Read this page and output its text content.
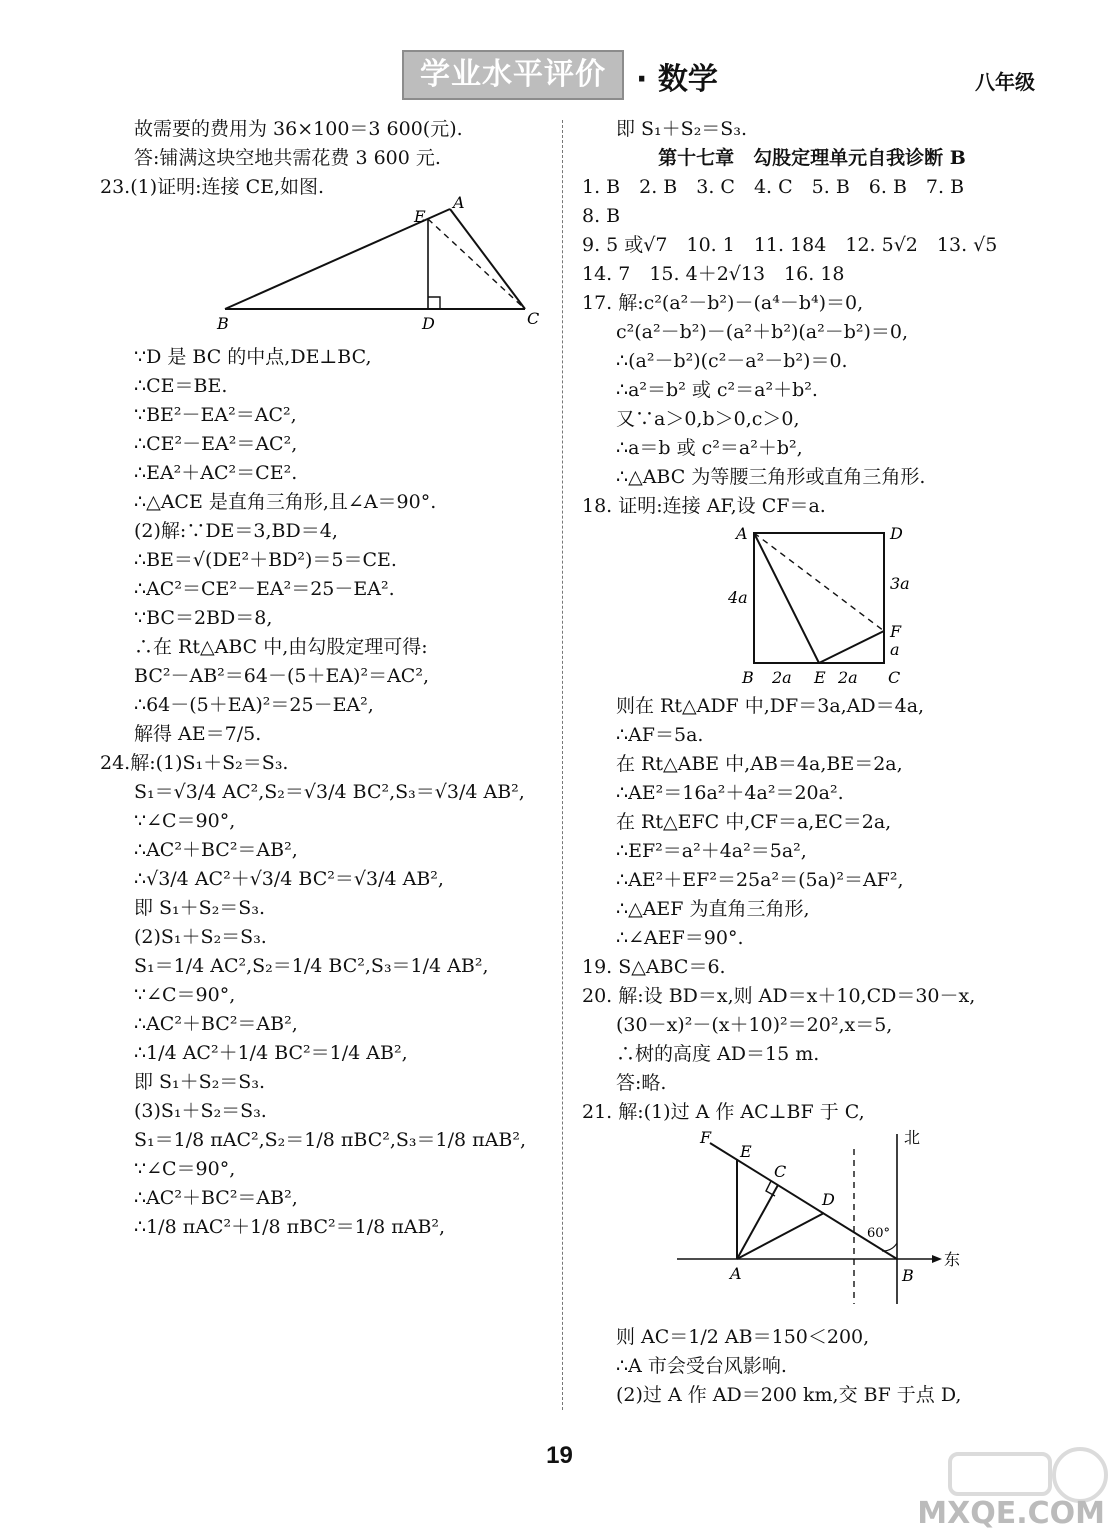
学业水平评价	· 数学	八年级
故需要的费用为 36×100＝3 600(元).
答:铺满这块空地共需花费 3 600 元.
23.(1)证明:连接 CE,如图.
A
E
B	D	C
∵D 是 BC 的中点,DE⊥BC,
∴CE＝BE.
∵BE²－EA²＝AC²,
∴CE²－EA²＝AC²,
∴EA²＋AC²＝CE².
∴△ACE 是直角三角形,且∠A＝90°.
(2)解:∵DE＝3,BD＝4,
∴BE＝√(DE²＋BD²)＝5＝CE.
∴AC²＝CE²－EA²＝25－EA².
∵BC＝2BD＝8,
∴在 Rt△ABC 中,由勾股定理可得:
BC²－AB²＝64－(5＋EA)²＝AC²,
∴64－(5＋EA)²＝25－EA²,
解得 AE＝7/5.
24.解:(1)S₁＋S₂＝S₃.
S₁＝√3/4 AC²,S₂＝√3/4 BC²,S₃＝√3/4 AB²,
∵∠C＝90°,
∴AC²＋BC²＝AB²,
∴√3/4 AC²＋√3/4 BC²＝√3/4 AB²,
即 S₁＋S₂＝S₃.
(2)S₁＋S₂＝S₃.
S₁＝1/4 AC²,S₂＝1/4 BC²,S₃＝1/4 AB²,
∵∠C＝90°,
∴AC²＋BC²＝AB²,
∴1/4 AC²＋1/4 BC²＝1/4 AB²,
即 S₁＋S₂＝S₃.
(3)S₁＋S₂＝S₃.
S₁＝1/8 πAC²,S₂＝1/8 πBC²,S₃＝1/8 πAB²,
∵∠C＝90°,
∴AC²＋BC²＝AB²,
∴1/8 πAC²＋1/8 πBC²＝1/8 πAB²,
即 S₁＋S₂＝S₃.
第十七章　勾股定理单元自我诊断 B
1. B　2. B　3. C　4. C　5. B　6. B　7. B
8. B
9. 5 或√7　10. 1　11. 184　12. 5√2　13. √5
14. 7　15. 4＋2√13　16. 18
17. 解:c²(a²－b²)－(a⁴－b⁴)＝0,
c²(a²－b²)－(a²＋b²)(a²－b²)＝0,
∴(a²－b²)(c²－a²－b²)＝0.
∴a²＝b² 或 c²＝a²＋b².
又∵a＞0,b＞0,c＞0,
∴a＝b 或 c²＝a²＋b²,
∴△ABC 为等腰三角形或直角三角形.
18. 证明:连接 AF,设 CF＝a.
A	D
B	E	C
F
4a
3a
a
2a	2a
则在 Rt△ADF 中,DF＝3a,AD＝4a,
∴AF＝5a.
在 Rt△ABE 中,AB＝4a,BE＝2a,
∴AE²＝16a²＋4a²＝20a².
在 Rt△EFC 中,CF＝a,EC＝2a,
∴EF²＝a²＋4a²＝5a²,
∴AE²＋EF²＝25a²＝(5a)²＝AF²,
∴△AEF 为直角三角形,
∴∠AEF＝90°.
19. S△ABC＝6.
20. 解:设 BD＝x,则 AD＝x＋10,CD＝30－x,
(30－x)²－(x＋10)²＝20²,x＝5,
∴树的高度 AD＝15 m.
答:略.
21. 解:(1)过 A 作 AC⊥BF 于 C,
F
E
C
D
A	B
北
东
60°
则 AC＝1/2 AB＝150＜200,
∴A 市会受台风影响.
(2)过 A 作 AD＝200 km,交 BF 于点 D,
19
MXQE.COM
